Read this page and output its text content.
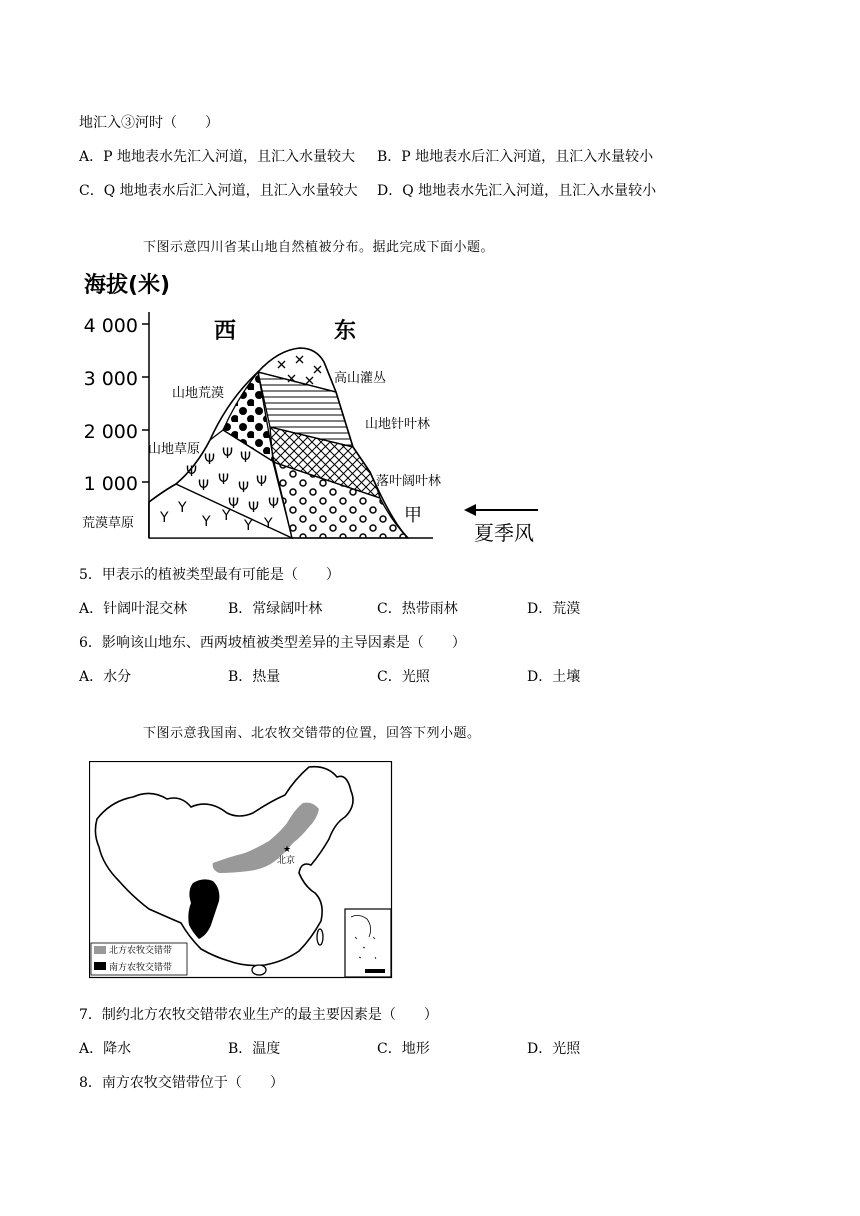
地汇入③河时（　　）
A．P 地地表水先汇入河道，且汇入水量较大 B．P 地地表水后汇入河道，且汇入水量较小
C．Q 地地表水后汇入河道，且汇入水量较大 D．Q 地地表水先汇入河道，且汇入水量较小
下图示意四川省某山地自然植被分布。据此完成下面小题。
海拔(米)
4 000
3 000
2 000
1 000
西	东
Ψ
Ψ Ψ Ψ
Ψ Ψ Ψ Ψ
Ψ Ψ Ψ
Y
Y
Y Y
Y Y
高山灌丛
山地荒漠
山地针叶林
山地草原
落叶阔叶林
荒漠草原	甲
夏季风
5．甲表示的植被类型最有可能是（　　）
A．针阔叶混交林	B．常绿阔叶林	C．热带雨林	D．荒漠
6．影响该山地东、西两坡植被类型差异的主导因素是（　　）
A．水分	B．热量	C．光照	D．土壤
下图示意我国南、北农牧交错带的位置，回答下列小题。
★
北京
北方农牧交错带
南方农牧交错带
7．制约北方农牧交错带农业生产的最主要因素是（　　）
A．降水	B．温度	C．地形	D．光照
8．南方农牧交错带位于（　　）
